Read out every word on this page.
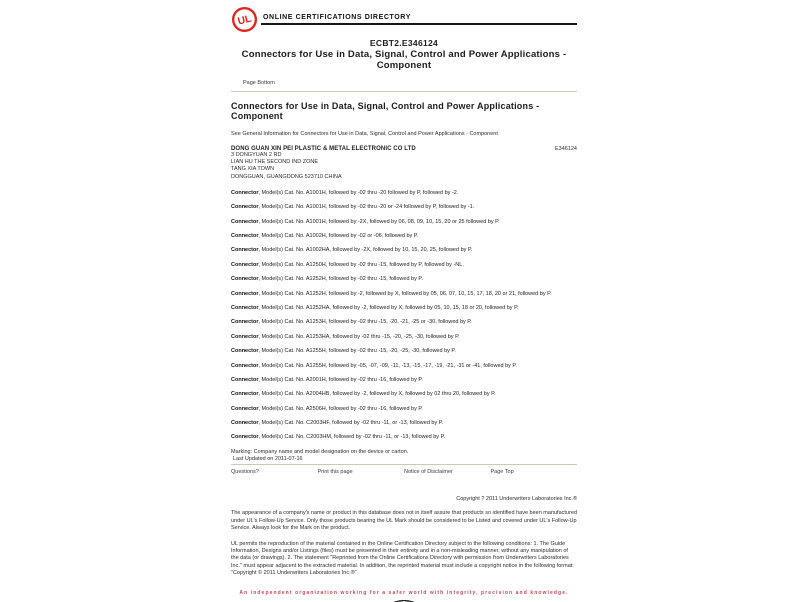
UL ONLINE CERTIFICATIONS DIRECTORY
ECBT2.E346124
Connectors for Use in Data, Signal, Control and Power Applications - Component
Page Bottom
Connectors for Use in Data, Signal, Control and Power Applications - Component
See General Information for Connectors for Use in Data, Signal, Control and Power Applications - Component
DONG GUAN XIN PEI PLASTIC & METAL ELECTRONIC CO LTD	E346124
3 DONGYUAN 2 RD
LIAN HU THE SECOND IND ZONE
TANG XIA TOWN
DONGGUAN, GUANGDONG 523710 CHINA

Connector, Model(s) Cat. No. A1001H, followed by -02 thru -20 followed by P, followed by -2.

Connector, Model(s) Cat. No. A1001H, followed by -02 thru -20 or -24 followed by P, followed by -1.

Connector, Model(s) Cat. No. A1001H, followed by -2X, followed by 06, 08, 09, 10, 15, 20 or 25 followed by P.

Connector, Model(s) Cat. No. A1002H, followed by -02 or -06, followed by P.

Connector, Model(s) Cat. No. A1002HA, followed by -2X, followed by 10, 15, 20, 25, followed by P.

Connector, Model(s) Cat. No. A1250H, followed by -02 thru -15, followed by P, followed by -NL.

Connector, Model(s) Cat. No. A1252H, followed by -02 thru -15, followed by P.

Connector, Model(s) Cat. No. A1252H, followed by -2, followed by X, followed by 05, 06, 07, 10, 15, 17, 18, 20 or 21, followed by P.

Connector, Model(s) Cat. No. A1252HA, followed by -2, followed by X, followed by 05, 10, 15, 18 or 20, followed by P.

Connector, Model(s) Cat. No. A1253H, followed by -02 thru -15, -20, -21, -25 or -30, followed by P.

Connector, Model(s) Cat. No. A1253HA, followed by -02 thru -15, -20, -25, -30, followed by P.

Connector, Model(s) Cat. No. A1255H, followed by -02 thru -15, -20, -25, -30, followed by P.

Connector, Model(s) Cat. No. A1255H, followed by -05, -07, -09, -11, -13, -15, -17, -19, -21, -31 or -41, followed by P.

Connector, Model(s) Cat. No. A2001H, followed by -02 thru -16, followed by P.

Connector, Model(s) Cat. No. A2004HB, followed by -2, followed by X, followed by 02 thru 20, followed by P.

Connector, Model(s) Cat. No. A2506H, followed by -02 thru -16, followed by P.

Connector, Model(s) Cat. No. C2003HF, followed by -02 thru -11, or -13, followed by P.

Connector, Model(s) Cat. No. C2003HM, followed by -02 thru -11, or -13, followed by P.

Marking: Company name and model designation on the device or carton.
Last Updated on 2011-07-16
Questions?	Print this page	Notice of Disclaimer	Page Top
Copyright ? 2011 Underwriters Laboratories Inc.®

The appearance of a company's name or product in this database does not in itself assure that products so identified have been manufactured under UL's Follow-Up Service. Only those products bearing the UL Mark should be considered to be Listed and covered under UL's Follow-Up Service. Always look for the Mark on the product.

UL permits the reproduction of the material contained in the Online Certification Directory subject to the following conditions: 1. The Guide Information, Designs and/or Listings (files) must be presented in their entirety and in a non-misleading manner, without any manipulation of the data (or drawings). 2. The statement "Reprinted from the Online Certifications Directory with permission from Underwriters Laboratories Inc." must appear adjacent to the extracted material. In addition, the reprinted material must include a copyright notice in the following format: "Copyright © 2011 Underwriters Laboratories Inc.®"

An independent organization working for a safer world with integrity, precision and knowledge.
